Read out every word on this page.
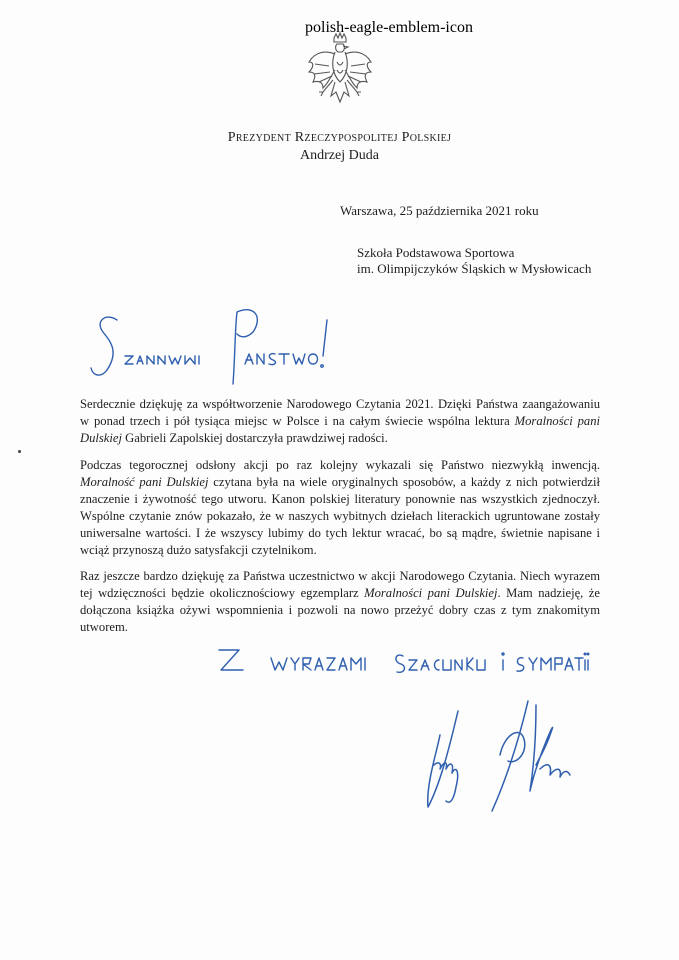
polish-eagle-emblem-icon
Prezydent Rzeczypospolitej Polskiej
Andrzej Duda
Warszawa, 25 października 2021 roku
Szkoła Podstawowa Sportowa
im. Olimpijczyków Śląskich w Mysłowicach

Serdecznie dziękuję za współtworzenie Narodowego Czytania 2021. Dzięki Państwa zaangażowaniu w ponad trzech i pół tysiąca miejsc w Polsce i na całym świecie wspólna lektura Moralności pani Dulskiej Gabrieli Zapolskiej dostarczyła prawdziwej radości.

Podczas tegorocznej odsłony akcji po raz kolejny wykazali się Państwo niezwykłą inwencją. Moralność pani Dulskiej czytana była na wiele oryginalnych sposobów, a każdy z nich potwierdził znaczenie i żywotność tego utworu. Kanon polskiej literatury ponownie nas wszystkich zjednoczył. Wspólne czytanie znów pokazało, że w naszych wybitnych dziełach literackich ugruntowane zostały uniwersalne wartości. I że wszyscy lubimy do tych lektur wracać, bo są mądre, świetnie napisane i wciąż przynoszą dużo satysfakcji czytelnikom.

Raz jeszcze bardzo dziękuję za Państwa uczestnictwo w akcji Narodowego Czytania. Niech wyrazem tej wdzięczności będzie okolicznościowy egzemplarz Moralności pani Dulskiej. Mam nadzieję, że dołączona książka ożywi wspomnienia i pozwoli na nowo przeżyć dobry czas z tym znakomitym utworem.
